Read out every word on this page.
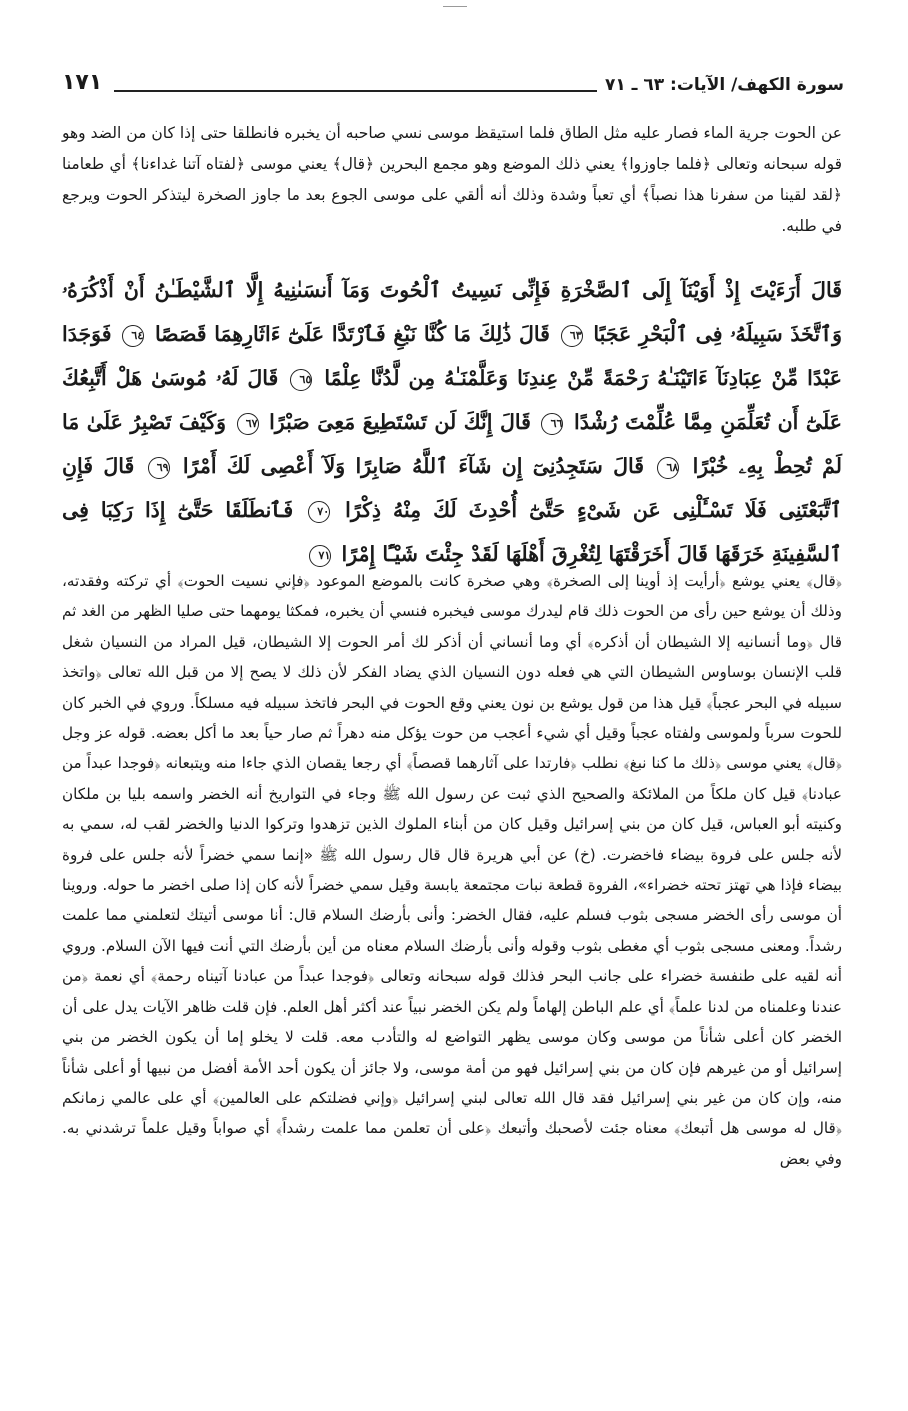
سورة الكهف/ الآيات: ٦٣ ـ ٧١
١٧١

عن الحوت جرية الماء فصار عليه مثل الطاق فلما استيقظ موسى نسي صاحبه أن يخبره فانطلقا حتى إذا كان من الضد وهو قوله سبحانه وتعالى ﴿فلما جاوزوا﴾ يعني ذلك الموضع وهو مجمع البحرين ﴿قال﴾ يعني موسى ﴿لفتاه آتنا غداءنا﴾ أي طعامنا ﴿لقد لقينا من سفرنا هذا نصباً﴾ أي تعباً وشدة وذلك أنه ألقي على موسى الجوع بعد ما جاوز الصخرة ليتذكر الحوت ويرجع في طلبه.

قَالَ أَرَءَيْتَ إِذْ أَوَيْنَآ إِلَى ٱلصَّخْرَةِ فَإِنِّى نَسِيتُ ٱلْحُوتَ وَمَآ أَنسَىٰنِيهُ إِلَّا ٱلشَّيْطَـٰنُ أَنْ أَذْكُرَهُۥ وَٱتَّخَذَ سَبِيلَهُۥ فِى ٱلْبَحْرِ عَجَبًا ٦٣ قَالَ ذَٰلِكَ مَا كُنَّا نَبْغِ فَٱرْتَدَّا عَلَىٰٓ ءَاثَارِهِمَا قَصَصًا ٦٤ فَوَجَدَا عَبْدًا مِّنْ عِبَادِنَآ ءَاتَيْنَـٰهُ رَحْمَةً مِّنْ عِندِنَا وَعَلَّمْنَـٰهُ مِن لَّدُنَّا عِلْمًا ٦٥ قَالَ لَهُۥ مُوسَىٰ هَلْ أَتَّبِعُكَ عَلَىٰٓ أَن تُعَلِّمَنِ مِمَّا عُلِّمْتَ رُشْدًا ٦٦ قَالَ إِنَّكَ لَن تَسْتَطِيعَ مَعِىَ صَبْرًا ٦٧ وَكَيْفَ تَصْبِرُ عَلَىٰ مَا لَمْ تُحِطْ بِهِۦ خُبْرًا ٦٨ قَالَ سَتَجِدُنِىٓ إِن شَآءَ ٱللَّهُ صَابِرًا وَلَآ أَعْصِى لَكَ أَمْرًا ٦٩ قَالَ فَإِنِ ٱتَّبَعْتَنِى فَلَا تَسْـَٔلْنِى عَن شَىْءٍ حَتَّىٰٓ أُحْدِثَ لَكَ مِنْهُ ذِكْرًا ٧٠ فَٱنطَلَقَا حَتَّىٰٓ إِذَا رَكِبَا فِى ٱلسَّفِينَةِ خَرَقَهَا قَالَ أَخَرَقْتَهَا لِتُغْرِقَ أَهْلَهَا لَقَدْ جِئْتَ شَيْـًٔا إِمْرًا ٧١

﴿قال﴾ يعني يوشع ﴿أرأيت إذ أوينا إلى الصخرة﴾ وهي صخرة كانت بالموضع الموعود ﴿فإني نسيت الحوت﴾ أي تركته وفقدته، وذلك أن يوشع حين رأى من الحوت ذلك قام ليدرك موسى فيخبره فنسي أن يخبره، فمكثا يومهما حتى صليا الظهر من الغد ثم قال ﴿وما أنسانيه إلا الشيطان أن أذكره﴾ أي وما أنساني أن أذكر لك أمر الحوت إلا الشيطان، قيل المراد من النسيان شغل قلب الإنسان بوساوس الشيطان التي هي فعله دون النسيان الذي يضاد الفكر لأن ذلك لا يصح إلا من قبل الله تعالى ﴿واتخذ سبيله في البحر عجباً﴾ قيل هذا من قول يوشع بن نون يعني وقع الحوت في البحر فاتخذ سبيله فيه مسلكاً. وروي في الخبر كان للحوت سرباً ولموسى ولفتاه عجباً وقيل أي شيء أعجب من حوت يؤكل منه دهراً ثم صار حياً بعد ما أكل بعضه. قوله عز وجل ﴿قال﴾ يعني موسى ﴿ذلك ما كنا نبغ﴾ نطلب ﴿فارتدا على آثارهما قصصاً﴾ أي رجعا يقصان الذي جاءا منه ويتبعانه ﴿فوجدا عبداً من عبادنا﴾ قيل كان ملكاً من الملائكة والصحيح الذي ثبت عن رسول الله ﷺ وجاء في التواريخ أنه الخضر واسمه بليا بن ملكان وكنيته أبو العباس، قيل كان من بني إسرائيل وقيل كان من أبناء الملوك الذين تزهدوا وتركوا الدنيا والخضر لقب له، سمي به لأنه جلس على فروة بيضاء فاخضرت. (خ) عن أبي هريرة قال قال رسول الله ﷺ «إنما سمي خضراً لأنه جلس على فروة بيضاء فإذا هي تهتز تحته خضراء»، الفروة قطعة نبات مجتمعة يابسة وقيل سمي خضراً لأنه كان إذا صلى اخضر ما حوله. وروينا أن موسى رأى الخضر مسجى بثوب فسلم عليه، فقال الخضر: وأنى بأرضك السلام قال: أنا موسى أتيتك لتعلمني مما علمت رشداً. ومعنى مسجى بثوب أي مغطى بثوب وقوله وأنى بأرضك السلام معناه من أين بأرضك التي أنت فيها الآن السلام. وروي أنه لقيه على طنفسة خضراء على جانب البحر فذلك قوله سبحانه وتعالى ﴿فوجدا عبداً من عبادنا آتيناه رحمة﴾ أي نعمة ﴿من عندنا وعلمناه من لدنا علماً﴾ أي علم الباطن إلهاماً ولم يكن الخضر نبياً عند أكثر أهل العلم. فإن قلت ظاهر الآيات يدل على أن الخضر كان أعلى شأناً من موسى وكان موسى يظهر التواضع له والتأدب معه. قلت لا يخلو إما أن يكون الخضر من بني إسرائيل أو من غيرهم فإن كان من بني إسرائيل فهو من أمة موسى، ولا جائز أن يكون أحد الأمة أفضل من نبيها أو أعلى شأناً منه، وإن كان من غير بني إسرائيل فقد قال الله تعالى لبني إسرائيل ﴿وإني فضلتكم على العالمين﴾ أي على عالمي زمانكم ﴿قال له موسى هل أتبعك﴾ معناه جئت لأصحبك وأتبعك ﴿على أن تعلمن مما علمت رشداً﴾ أي صواباً وقيل علماً ترشدني به. وفي بعض
